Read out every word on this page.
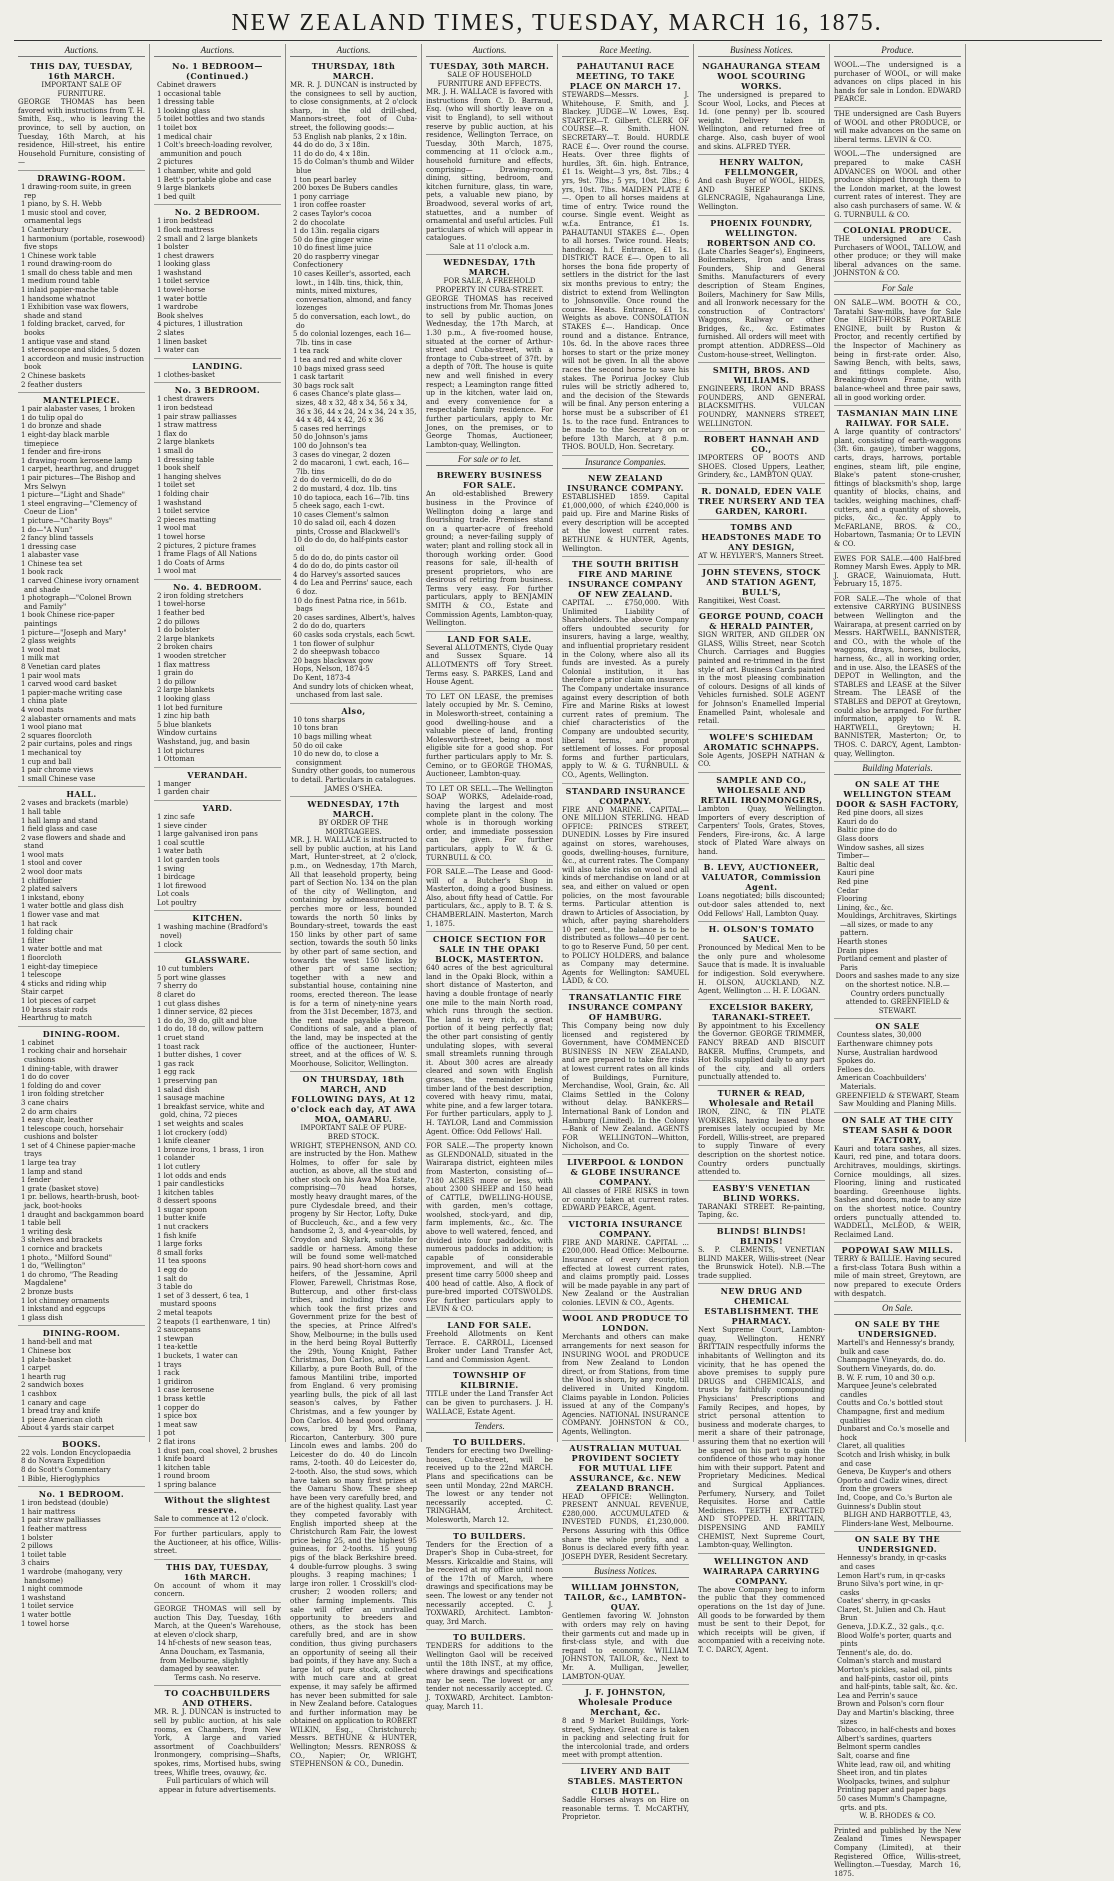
NEW ZEALAND TIMES, TUESDAY, MARCH 16, 1875.
Auctions.
THIS DAY, TUESDAY, 16th MARCH.
IMPORTANT SALE OF FURNITURE.
GEORGE THOMAS has been favored with instructions from T. H. Smith, Esq., who is leaving the province, to sell by auction, on Tuesday, 16th March, at his residence, Hill-street, his entire Household Furniture, consisting of—
DRAWING-ROOM.
1 drawing-room suite, in green rep
1 piano, by S. H. Webb
1 music stool and cover, ornamental legs
1 Canterbury
1 harmonium (portable, rosewood) five stops
1 Chinese work table
1 round drawing-room do
1 small do chess table and men
1 medium round table
1 inlaid papier-mache table
1 handsome whatnot
1 Exhibition vase wax flowers, shade and stand
1 folding bracket, carved, for books
1 antique vase and stand
1 stereoscope and slides, 5 dozen
1 accordeon and music instruction book
2 Chinese baskets
2 feather dusters
MANTELPIECE.
1 pair alabaster vases, 1 broken
1 do tulip opal do
1 do bronze and shade
1 eight-day black marble timepiece
1 fender and fire-irons
1 drawing-room kerosene lamp
1 carpet, hearthrug, and drugget
1 pair pictures—The Bishop and Mrs Selwyn
1 picture—"Light and Shade"
1 steel engraving—"Clemency of Coeur de Lion"
1 picture—"Charity Boys"
1 do—"A Nun"
2 fancy blind tassels
1 dressing case
1 alabaster vase
1 Chinese tea set
1 book rack
1 carved Chinese ivory ornament and shade
1 photograph—"Colonel Brown and Family"
1 book Chinese rice-paper paintings
1 picture—"Joseph and Mary"
2 glass weights
1 wool mat
1 milk mat
8 Venetian card plates
1 pair wool mats
1 carved wood card basket
1 papier-mache writing case
1 china plate
4 wool mats
2 alabaster ornaments and mats
1 wool piano mat
2 squares floorcloth
2 pair curtains, poles and rings
1 mechanical toy
1 cup and ball
1 pair chrome views
1 small Chinese vase
HALL.
2 vases and brackets (marble)
1 hall table
1 hall lamp and stand
1 field glass and case
2 vase flowers and shade and stand
1 wool mats
1 stool and cover
2 wool door mats
1 chiffonier
2 plated salvers
1 inkstand, ebony
1 water bottle and glass dish
1 flower vase and mat
1 hat rack
1 folding chair
1 filter
1 water bottle and mat
1 floorcloth
1 eight-day timepiece
1 telescope
4 sticks and riding whip
Stair carpet
1 lot pieces of carpet
10 brass stair rods
Hearthrug to match
DINING-ROOM.
1 cabinet
1 rocking chair and horsehair cushions
1 dining-table, with drawer
1 do do cover
1 folding do and cover
1 iron folding stretcher
3 cane chairs
2 do arm chairs
1 easy chair, leather
1 telescope couch, horsehair cushions and bolster
1 set of 4 Chinese papier-mache trays
1 large tea tray
1 lamp and stand
1 fender
1 grate (basket stove)
1 pr. bellows, hearth-brush, boot-jack, boot-hooks
1 draught and backgammon board
1 table bell
1 writing desk
3 shelves and brackets
1 cornice and brackets
1 photo., "Milford Sound"
1 do, "Wellington"
1 do chromo, "The Reading Magdalene"
2 bronze busts
1 lot chimney ornaments
1 inkstand and eggcups
1 glass dish
DINING-ROOM.
1 hand-bell and mat
1 Chinese box
1 plate-basket
1 carpet
1 hearth rug
2 sandwich boxes
1 cashbox
1 canary and cage
1 bread tray and knife
1 piece American cloth
About 4 yards stair carpet
BOOKS.
22 vols. London Encyclopaedia
8 do Novara Expedition
8 do Scott's Commentary
1 Bible, Hieroglyphics
No. 1 BEDROOM.
1 iron bedstead (double)
1 hair mattress
1 pair straw palliasses
1 feather mattress
1 bolster
2 pillows
1 toilet table
3 chairs
1 wardrobe (mahogany, very handsome)
1 night commode
1 washstand
1 toilet service
1 water bottle
1 towel horse
Auctions.
No. 1 BEDROOM—(Continued.)
Cabinet drawers
1 occasional table
1 dressing table
1 looking glass
5 toilet bottles and two stands
1 toilet box
1 medical chair
1 Colt's breech-loading revolver, ammunition and pouch
2 pictures
1 chamber, white and gold
1 Bett's portable globe and case
9 large blankets
1 bed quilt
No. 2 BEDROOM.
1 iron bedstead
1 flock mattress
2 small and 2 large blankets
1 bolster
1 chest drawers
1 looking glass
1 washstand
1 toilet service
1 towel-horse
1 water bottle
1 wardrobe
Book shelves
4 pictures, 1 illustration
2 slates
1 linen basket
1 water can
LANDING.
1 clothes-basket
No. 3 BEDROOM.
1 chest drawers
1 iron bedstead
1 pair straw palliasses
1 straw mattress
1 flax do
2 large blankets
1 small do
1 dressing table
1 book shelf
1 hanging shelves
1 toilet set
1 folding chair
1 washstand
1 toilet service
2 pieces matting
1 wool mat
1 towel horse
2 pictures, 2 picture frames
1 frame Flags of All Nations
1 do Coats of Arms
1 wool mat
No. 4. BEDROOM.
2 iron folding stretchers
1 towel-horse
1 feather bed
2 do pillows
1 do bolster
2 large blankets
2 broken chairs
1 wooden stretcher
1 flax mattress
1 grain do
1 do pillow
2 large blankets
1 looking glass
1 lot bed furniture
1 zinc hip bath
5 blue blankets
Window curtains
Washstand, jug, and basin
1 lot pictures
1 Ottoman
VERANDAH.
1 manger
1 garden chair
YARD.
1 zinc safe
1 sieve cinder
1 large galvanised iron pans
1 coal scuttle
1 water bath
1 lot garden tools
1 swing
1 birdcage
1 lot firewood
Lot coals
Lot poultry
KITCHEN.
1 washing machine (Bradford's novel)
1 clock
GLASSWARE.
10 cut tumblers
5 port wine glasses
7 sherry do
8 claret do
1 cut glass dishes
1 dinner service, 82 pieces
1 do do, 39 do, gilt and blue
1 do do, 18 do, willow pattern
1 cruet stand
1 toast rack
1 butter dishes, 1 cover
1 gas rack
1 egg rack
1 preserving pan
1 salad dish
1 sausage machine
1 breakfast service, white and gold, china, 72 pieces
1 set weights and scales
1 lot crockery (odd)
1 knife cleaner
1 bronze irons, 1 brass, 1 iron
1 colander
1 lot cutlery
1 lot odds and ends
1 pair candlesticks
1 kitchen tables
8 dessert spoons
1 sugar spoon
1 butter knife
1 nut crackers
1 fish knife
1 large forks
8 small forks
11 tea spoons
1 egg do
1 salt do
3 table do
1 set of 3 dessert, 6 tea, 1 mustard spoons
2 metal teapots
2 teapots (1 earthenware, 1 tin)
2 saucepans
1 stewpan
1 tea-kettle
1 buckets, 1 water can
1 trays
1 rack
1 gridiron
1 case kerosene
1 brass kettle
1 copper do
1 spice box
1 meat saw
1 pot
2 flat irons
1 dust pan, coal shovel, 2 brushes
1 knife board
1 kitchen table
1 round broom
1 spring balance
Without the slightest reserve.
Sale to commence at 12 o'clock.
For further particulars, apply to the Auctioneer, at his office, Willis-street.
THIS DAY, TUESDAY, 16th MARCH.
On account of whom it may concern.
GEORGE THOMAS will sell by auction This Day, Tuesday, 16th March, at the Queen's Warehouse, at eleven o'clock sharp,
14 hf-chests of new season teas, Anna Doucham, ex Tasmania, from Melbourne, slightly damaged by seawater.
Terms cash. No reserve.
TO COACHBUILDERS AND OTHERS.
MR. R. J. DUNCAN is instructed to sell by public auction, at his sale rooms, ex Chambers, from New York, A large and varied assortment of Coachbuilders' Ironmongery, comprising—Shafts, spokes, rims, Mortised hubs, swing trees, Whifle trees, ovauwy, &c.
Full particulars of which will appear in future advertisements.
Auctions.
THURSDAY, 18th MARCH.
MR. R. J. DUNCAN is instructed by the consignees to sell by auction, to close consignments, at 2 o'clock sharp, in the old drill-shed, Mannors-street, foot of Cuba-street, the following goods:—
53 English nab planks, 2 x 18in.
44 do do do, 3 x 18in.
11 do do do, 4 x 18in.
15 do Colman's thumb and Wilder blue
1 ton pearl barley
200 boxes De Bubers candles
1 pony carriage
1 iron coffee roaster
2 cases Taylor's cocoa
2 do chocolate
1 do 13in. regalia cigars
50 do fine ginger wine
10 do finest lime juice
20 do raspberry vinegar
Confectionery
10 cases Keiller's, assorted, each lowt., in 14lb. tins, thick, thin, mints, mixed mixtures, conversation, almond, and fancy lozenges
5 do conversation, each lowt., do do
5 do colonial lozenges, each 16—7lb. tins in case
1 tea rack
1 tea and red and white clover
10 bags mixed grass seed
1 cask tartarit
30 bags rock salt
6 cases Chance's plate glass—sizes, 48 x 32, 48 x 34, 56 x 34, 36 x 36, 44 x 24, 24 x 34, 24 x 35, 44 x 48, 44 x 42, 26 x 36
5 cases red herrings
50 do Johnson's jams
100 do Johnson's tea
3 cases do vinegar, 2 dozen
2 do macaroni, 1 cwt. each, 16—7lb. tins
2 do do vermicelli, do do do
2 do mustard, 4 doz. 1lb. tins
10 do tapioca, each 16—7lb. tins
5 cheek sago, each 1-cwt.
10 cases Clement's salmon
10 do salad oil, each 4 dozen pints, Crosse and Blackwell's
10 do do do, do half-pints castor oil
5 do do do, do pints castor oil
4 do do do, do pints castor oil
4 do Harvey's assorted sauces
4 do Lea and Perrins' sauce, each 6 doz.
10 do finest Patna rice, in 561b. bags
20 cases sardines, Albert's, halves
2 do do do, quarters
60 casks soda crystals, each 5cwt.
1 ton flower of sulphur
2 do sheepwash tobacco
20 bags blackwax gow
Hops, Nelson, 1874-5
Do Kent, 1873-4
And sundry lots of chicken wheat, unchased from last sale.
Also,
10 tons sharps
10 tons bran
10 bags milling wheat
50 do oil cake
10 do new do, to close a consignment
Sundry other goods, too numerous to detail. Particulars in catalogues. JAMES O'SHEA.
WEDNESDAY, 17th MARCH.
BY ORDER OF THE MORTGAGEES.
MR. J. H. WALLACE is instructed to sell by public auction, at his Land Mart, Hunter-street, at 2 o'clock, p.m., on Wednesday, 17th March, All that leasehold property, being part of Section No. 134 on the plan of the city of Wellington, and containing by admeasurement 12 perches more or less, bounded towards the north 50 links by Boundary-street, towards the east 150 links by other part of same section, towards the south 50 links by other part of same section, and towards the west 150 links by other part of same section; together with a new and substantial house, containing nine rooms, erected thereon. The lease is for a term of ninety-nine years from the 31st December, 1873, and the rent made payable thereon. Conditions of sale, and a plan of the land, may be inspected at the office of the auctioneer, Hunter-street, and at the offices of W. S. Moorhouse, Solicitor, Wellington.
ON THURSDAY, 18th MARCH, AND FOLLOWING DAYS, At 12 o'clock each day, AT AWA MOA, OAMARU.
IMPORTANT SALE OF PURE-BRED STOCK.
WRIGHT, STEPHENSON, AND CO. are instructed by the Hon. Mathew Holmes, to offer for sale by auction, as above, all the stud and other stock on his Awa Moa Estate, comprising—70 head horses, mostly heavy draught mares, of the pure Clydesdale breed, and their progeny by Sir Hector, Lofty, Duke of Buccleuch, &c., and a few very handsome 2, 3, and 4-year-olds, by Croydon and Skylark, suitable for saddle or harness. Among these will be found some well-matched pairs. 90 head short-horn cows and heifers, of the Jessamine, April Flower, Farewell, Christmas Rose, Buttercup, and other first-class tribes, and including the cows which took the first prizes and Government prize for the best of the species, at Prince Alfred's Show, Melbourne; in the bulls used in the herd being Royal Butterfly the 29th, Young Knight, Father Christmas, Don Carlos, and Prince Killarby, a pure Booth Bull, of the famous Mantilini tribe, imported from England. 6 very promising yearling bulls, the pick of all last season's calves, by Father Christmas, and a few younger by Don Carlos. 40 head good ordinary cows, bred by Mrs. Pama, Riccarton, Canterbury. 300 pure Lincoln ewes and lambs. 200 do Leicester do do. 40 do Lincoln rams, 2-tooth. 40 do Leicester do, 2-tooth. Also, the stud sows, which have taken so many first prizes at the Oamaru Show. These sheep have been very carefully bred, and are of the highest quality. Last year they competed favorably with English imported sheep at the Christchurch Ram Fair, the lowest price being 25, and the highest 95 guineas, for 2-tooths. 15 young pigs of the black Berkshire breed. 4 double-furrow ploughs. 3 swing ploughs. 3 reaping machines; 1 large iron roller. 1 Crosskill's clod-crusher; 2 wooden rollers; and other farming implements. This sale will offer an unrivalled opportunity to breeders and others, as the stock has been carefully bred, and are in show condition, thus giving purchasers an opportunity of seeing all their bad points, if they have any. Such a large lot of pure stock, collected with much care and at great expense, it may safely be affirmed has never been submitted for sale in New Zealand before. Catalogues and further information may be obtained on application to ROBERT WILKIN, Esq., Christchurch; Messrs. BETHUNE & HUNTER, Wellington; Messrs. RENROSS & CO., Napier; Or, WRIGHT, STEPHENSON & CO., Dunedin.
Auctions.
TUESDAY, 30th MARCH.
SALE OF HOUSEHOLD FURNITURE AND EFFECTS.
MR. J. H. WALLACE is favored with instructions from C. D. Barraud, Esq. (who will shortly leave on a visit to England), to sell without reserve by public auction, at his residence, Wellington Terrace, on Tuesday, 30th March, 1875, commencing at 11 o'clock a.m., household furniture and effects, comprising— Drawing-room, dining, sitting, bedroom, and kitchen furniture, glass, tin ware, pets, a valuable new piano, by Broadwood, several works of art, statuettes, and a number of ornamental and useful articles. Full particulars of which will appear in catalogues.
Sale at 11 o'clock a.m.
WEDNESDAY, 17th MARCH.
FOR SALE, A FREEHOLD PROPERTY IN CUBA-STREET.
GEORGE THOMAS has received instructions from Mr. Thomas Jones to sell by public auction, on Wednesday, the 17th March, at 1.30 p.m., A five-roomed house, situated at the corner of Arthur-street and Cuba-street, with a frontage to Cuba-street of 37ft. by a depth of 70ft. The house is quite new and well finished in every respect; a Leamington range fitted up in the kitchen, water laid on, and every convenience for a respectable family residence. For further particulars, apply to Mr. Jones, on the premises, or to George Thomas, Auctioneer, Lambton-quay, Wellington.
For sale or to let.
BREWERY BUSINESS FOR SALE.
An old-established Brewery business in the Province of Wellington doing a large and flourishing trade. Premises stand on a quarter-acre of freehold ground; a never-failing supply of water; plant and rolling stock all in thorough working order. Good reasons for sale, ill-health of present proprietors, who are desirous of retiring from business. Terms very easy. For further particulars, apply to BENJAMIN SMITH & CO., Estate and Commission Agents, Lambton-quay, Wellington.
LAND FOR SALE.
Several ALLOTMENTS, Clyde Quay and Sussex Square. 14 ALLOTMENTS off Tory Street. Terms easy. S. PARKES, Land and House Agent.
TO LET ON LEASE, the premises lately occupied by Mr. S. Cemino, in Molesworth-street, containing a good dwelling-house and a valuable piece of land, fronting Molesworth-street, being a most eligible site for a good shop. For further particulars apply to Mr. S. Cemino, or to GEORGE THOMAS, Auctioneer, Lambton-quay.
TO LET OR SELL.—The Wellington SOAP WORKS, Adelaide-road, having the largest and most complete plant in the colony. The whole is in thorough working order, and immediate possession can be given. For further particulars, apply to W. & G. TURNBULL & CO.
FOR SALE.—The Lease and Good-will of a Butcher's Shop in Masterton, doing a good business. Also, about fifty head of Cattle. For particulars, &c., apply to B. T. & S. CHAMBERLAIN. Masterton, March 1, 1875.
CHOICE SECTION FOR SALE IN THE OPAKI BLOCK, MASTERTON.
640 acres of the best agricultural land in the Opaki Block, within a short distance of Masterton, and having a double frontage of nearly one mile to the main North road, which runs through the section. The land is very rich, a great portion of it being perfectly flat; the other part consisting of gently undulating slopes, with several small streamlets running through it. About 300 acres are already cleared and sown with English grasses, the remainder being timber land of the best description, covered with heavy rimu, matai, white pine, and a few larger totara. For further particulars, apply to J. H. TAYLOR, Land and Commission Agent. Office: Odd Fellows' Hall.
FOR SALE.—The property known as GLENDONALD, situated in the Wairarapa district, eighteen miles from Masterton, consisting of—7180 ACRES more or less, with about 2300 SHEEP and 150 head of CATTLE, DWELLING-HOUSE, with garden, men's cottage, woolshed, stock-yard, and dip, farm implements, &c., &c. The above to well watered, fenced, and divided into four paddocks, with numerous paddocks in addition; is capable of considerable improvement, and will at the present time carry 5000 sheep and 400 head of cattle. Also, A flock of pure-bred imported COTSWOLDS. For further particulars apply to LEVIN & CO.
LAND FOR SALE.
Freehold Allotments on Kent Terrace. E. CARROLL, Licensed Broker under Land Transfer Act, Land and Commission Agent.
TOWNSHIP OF KILBIRNIE.
TITLE under the Land Transfer Act can be given to purchasers. J. H. WALLACE, Estate Agent.
Tenders.
TO BUILDERS.
Tenders for erecting two Dwelling-houses, Cuba-street, will be received up to the 22nd MARCH. Plans and specifications can be seen until Monday, 22nd MARCH. The lowest or any tender not necessarily accepted. C. TRINGHAM, Architect. Molesworth, March 12.
TO BUILDERS.
Tenders for the Erection of a Draper's Shop in Cuba-street, for Messrs. Kirkcaldie and Stains, will be received at my office until noon of the 17th of March, where drawings and specifications may be seen. The lowest or any tender not necessarily accepted. C. J. TOXWARD, Architect. Lambton-quay, 3rd March.
TO BUILDERS.
TENDERS for additions to the Wellington Gaol will be received until the 18th INST., at my office, where drawings and specifications may be seen. The lowest or any tender not necessarily accepted. C. J. TOXWARD, Architect. Lambton-quay, March 11.
Race Meeting.
PAHAUTANUI RACE MEETING, TO TAKE PLACE ON MARCH 17.
STEWARDS—Messrs. J. Whitehouse, F. Smith, and J. Blackey. JUDGE—W. Lowes, Esq. STARTER—T. Gilbert. CLERK OF COURSE—R. Smith. HON. SECRETARY—T. Bould. HURDLE RACE £—. Over round the course. Heats. Over three flights of hurdles, 3ft. 6in. high. Entrance, £1 1s. Weight—3 yrs, 8st. 7lbs.; 4 yrs, 9st. 7lbs.; 5 yrs, 10st. 2lbs.; 6 yrs, 10st. 7lbs. MAIDEN PLATE £—. Open to all horses maidens at time of entry. Twice round the course. Single event. Weight as w.f.a. Entrance, £1 1s. PAHAUTANUI STAKES £—. Open to all horses. Twice round. Heats; handicap. h.f. Entrance, £1 1s. DISTRICT RACE £—. Open to all horses the bona fide property of settlers in the district for the last six months previous to entry; the district to extend from Wellington to Johnsonville. Once round the course. Heats. Entrance, £1 1s. Weights as above. CONSOLATION STAKES £—. Handicap. Once round and a distance. Entrance, 10s. 6d. In the above races three horses to start or the prize money will not be given. In all the above races the second horse to save his stakes. The Porirua Jockey Club rules will be strictly adhered to, and the decision of the Stewards will be final. Any person entering a horse must be a subscriber of £1 1s. to the race fund. Entrances to be made to the Secretary on or before 13th March, at 8 p.m. THOS. BOULD, Hon. Secretary.
Insurance Companies.
NEW ZEALAND INSURANCE COMPANY.
ESTABLISHED 1859. Capital £1,000,000, of which £240,000 is paid up. Fire and Marine Risks of every description will be accepted at the lowest current rates. BETHUNE & HUNTER, Agents, Wellington.
THE SOUTH BRITISH FIRE AND MARINE INSURANCE COMPANY OF NEW ZEALAND.
CAPITAL ... £750,000. With Unlimited Liability of Shareholders. The above Company offers undoubted security for insurers, having a large, wealthy, and influential proprietary resident in the Colony, where also all its funds are invested. As a purely Colonial institution, it has therefore a prior claim on insurers. The Company undertake insurance against every description of both Fire and Marine Risks at lowest current rates of premium. The chief characteristics of the Company are undoubted security, liberal terms, and prompt settlement of losses. For proposal forms and further particulars, apply to W. & G. TURNBULL & CO., Agents, Wellington.
STANDARD INSURANCE COMPANY.
FIRE AND MARINE. CAPITAL—ONE MILLION STERLING. HEAD OFFICE: PRINCES STREET, DUNEDIN. Losses by Fire insured against on stores, warehouses, goods, dwelling-houses, furniture, &c., at current rates. The Company will also take risks on wool and all kinds of merchandise on land or at sea, and either on valued or open policies, on the most favourable terms. Particular attention is drawn to Articles of Association, by which, after paying shareholders 10 per cent., the balance is to be distributed as follows—40 per cent. to go to Reserve Fund, 50 per cent. to POLICY HOLDERS, and balance as Company may determine. Agents for Wellington: SAMUEL LADD, & CO.
TRANSATLANTIC FIRE INSURANCE COMPANY OF HAMBURG.
This Company being now duly licensed and registered by Government, have COMMENCED BUSINESS IN NEW ZEALAND, and are prepared to take fire risks at lowest current rates on all kinds of Buildings, Furniture, Merchandise, Wool, Grain, &c. All Claims Settled in the Colony without delay. BANKERS—International Bank of London and Hamburg (Limited). In the Colony—Bank of New Zealand. AGENTS FOR WELLINGTON—Whitton, Nicholson, and Co.
LIVERPOOL & LONDON & GLOBE INSURANCE COMPANY.
All classes of FIRE RISKS in town or country taken at current rates. EDWARD PEARCE, Agent.
VICTORIA INSURANCE COMPANY.
FIRE AND MARINE. CAPITAL ... £200,000. Head Office: Melbourne. Insurance of every description effected at lowest current rates, and claims promptly paid. Losses will be made payable in any part of New Zealand or the Australian colonies. LEVIN & CO., Agents.
WOOL AND PRODUCE TO LONDON.
Merchants and others can make arrangements for next season for INSURING WOOL and PRODUCE from New Zealand to London direct, or from Stations, from time the Wool is shorn, by any route, till delivered in United Kingdom. Claims payable in London. Policies issued at any of the Company's Agencies. NATIONAL INSURANCE COMPANY. JOHNSTON & CO., Agents, Wellington.
AUSTRALIAN MUTUAL PROVIDENT SOCIETY FOR MUTUAL LIFE ASSURANCE, &c. NEW ZEALAND BRANCH.
HEAD OFFICE: Wellington. PRESENT ANNUAL REVENUE, £280,000. ACCUMULATED & INVESTED FUNDS, £1,230,000. Persons Assuring with this Office share the whole profits, and a Bonus is declared every fifth year. JOSEPH DYER, Resident Secretary.
Business Notices.
WILLIAM JOHNSTON, TAILOR, &c., LAMBTON-QUAY.
Gentlemen favoring W. Johnston with orders may rely on having their garments cut and made up in first-class style, and with due regard to economy. WILLIAM JOHNSTON, TAILOR, &c., Next to Mr. A. Mulligan, Jeweller, LAMBTON-QUAY.
J. F. JOHNSTON, Wholesale Produce Merchant, &c.
8 and 9 Market Buildings, York-street, Sydney. Great care is taken in packing and selecting fruit for the intercolonial trade, and orders meet with prompt attention.
LIVERY AND BAIT STABLES. MASTERTON CLUB HOTEL.
Saddle Horses always on Hire on reasonable terms. T. McCARTHY, Proprietor.
Business Notices.
NGAHAURANGA STEAM WOOL SCOURING WORKS.
The undersigned is prepared to Scour Wool, Locks, and Pieces at 1d. (one penny) per lb. scoured weight. Delivery taken in Wellington, and returned free of charge. Also, cash buyer of wool and skins. ALFRED TYER.
HENRY WALTON, FELLMONGER,
And cash Buyer of WOOL, HIDES, AND SHEEP SKINS. GLENCRAGIE, Ngahauranga Line, Wellington.
PHOENIX FOUNDRY, WELLINGTON. ROBERTSON AND CO.
(Late Charles Seager's), Engineers, Boilermakers, Iron and Brass Founders, Ship and General Smiths. Manufacturers of every description of Steam Engines, Boilers, Machinery for Saw Mills, and all Ironwork necessary for the construction of Contractors' Waggons, Railway or other Bridges, &c., &c. Estimates furnished. All orders will meet with prompt attention. ADDRESS—Old Custom-house-street, Wellington.
SMITH, BROS. AND WILLIAMS.
ENGINEERS, IRON AND BRASS FOUNDERS, AND GENERAL BLACKSMITHS. VULCAN FOUNDRY, MANNERS STREET, WELLINGTON.
ROBERT HANNAH AND CO.,
IMPORTERS OF BOOTS AND SHOES. Closed Uppers, Leather, Grindery, &c., LAMBTON QUAY.
R. DONALD, EDEN VALE TREE NURSERY AND TEA GARDEN, KARORI.
TOMBS AND HEADSTONES MADE TO ANY DESIGN,
AT W. HEYLYER'S, Manners Street.
JOHN STEVENS, STOCK AND STATION AGENT, BULL'S,
Rangitikei, West Coast.
GEORGE POUND, COACH & HERALD PAINTER,
SIGN WRITER, AND GILDER ON GLASS, Willis Street, near Scotch Church. Carriages and Buggies painted and re-trimmed in the first style of art. Business Cards painted in the most pleasing combination of colours. Designs of all kinds of Vehicles furnished. SOLE AGENT for Johnson's Enamelled Imperial Enamelled Paint, wholesale and retail.
WOLFE'S SCHIEDAM AROMATIC SCHNAPPS.
Sole Agents, JOSEPH NATHAN & CO.
SAMPLE AND CO., WHOLESALE AND RETAIL IRONMONGERS,
Lambton Quay, Wellington. Importers of every description of Carpenters' Tools, Grates, Stoves, Fenders, Fire-irons, &c. A large stock of Plated Ware always on hand.
B. LEVY, AUCTIONEER, VALUATOR, Commission Agent.
Loans negotiated; bills discounted; out-door sales attended to, next Odd Fellows' Hall, Lambton Quay.
H. OLSON'S TOMATO SAUCE.
Pronounced by Medical Men to be the only pure and wholesome Sauce that is made. It is invaluable for indigestion. Sold everywhere. H. OLSON, AUCKLAND, N.Z. Agent, Wellington ... H. F. LOGAN.
EXCELSIOR BAKERY, TARANAKI-STREET.
By appointment to his Excellency the Governor. GEORGE TRIMMER, FANCY BREAD AND BISCUIT BAKER. Muffins, Crumpets, and Hot Rolls supplied daily to any part of the city, and all orders punctually attended to.
TURNER & READ, Wholesale and Retail
IRON, ZINC, & TIN PLATE WORKERS, having leased those premises lately occupied by Mr. Fordell, Willis-street, are prepared to supply Tinware of every description on the shortest notice. Country orders punctually attended to.
EASBY'S VENETIAN BLIND WORKS.
TARANAKI STREET. Re-painting, Taping, &c.
BLINDS! BLINDS! BLINDS!
S. P. CLEMENTS, VENETIAN BLIND MAKER, Willis-street (Near the Brunswick Hotel). N.B.—The trade supplied.
NEW DRUG AND CHEMICAL ESTABLISHMENT. THE PHARMACY.
Next Supreme Court, Lambton-quay, Wellington. HENRY BRITTAIN respectfully informs the inhabitants of Wellington and its vicinity, that he has opened the above premises to supply pure DRUGS and CHEMICALS, and trusts by faithfully compounding Physicians' Prescriptions and Family Recipes, and hopes, by strict personal attention to business and moderate charges, to merit a share of their patronage, assuring them that no exertion will be spared on his part to gain the confidence of those who may honor him with their support. Patent and Proprietary Medicines. Medical and Surgical Appliances. Perfumery, Nursery, and Toilet Requisites. Horse and Cattle Medicines. TEETH EXTRACTED AND STOPPED. H. BRITTAIN, DISPENSING AND FAMILY CHEMIST, Next Supreme Court, Lambton-quay, Wellington.
WELLINGTON AND WAIRARAPA CARRYING COMPANY.
The above Company beg to inform the public that they commenced operations on the 1st day of June. All goods to be forwarded by them must be sent to their Depot, for which receipts will be given, if accompanied with a receiving note. T. C. DARCY, Agent.
Produce.
WOOL.—The undersigned is a purchaser of WOOL, or will make advances on clips placed in his hands for sale in London. EDWARD PEARCE.
THE undersigned are Cash Buyers of WOOL and other PRODUCE, or will make advances on the same on liberal terms. LEVIN & CO.
WOOL.—The undersigned are prepared to make CASH ADVANCES on WOOL and other produce shipped through them to the London market, at the lowest current rates of interest. They are also cash purchasers of same. W. & G. TURNBULL & CO.
COLONIAL PRODUCE.
THE undersigned are Cash Purchasers of WOOL, TALLOW, and other produce; or they will make liberal advances on the same. JOHNSTON & CO.
For Sale
ON SALE—WM. BOOTH & CO., Taratahi Saw-mills, have for Sale One EIGHT-HORSE PORTABLE ENGINE, built by Ruston & Proctor, and recently certified by the Inspector of Machinery as being in first-rate order. Also, Sawing Bench, with belts, saws, and fittings complete. Also, Breaking-down Frame, with balance-wheel and three pair saws, all in good working order.
TASMANIAN MAIN LINE RAILWAY. FOR SALE.
A large quantity of contractors' plant, consisting of earth-waggons (3ft. 6in. gauge), timber waggons, carts, drays, harrows, portable engines, steam lift, pile engine, Blake's patent stone-crusher, fittings of blacksmith's shop, large quantity of blocks, chains, and tackles, weighing machines, chaff-cutters, and a quantity of shovels, picks, &c., &c. Apply to McFARLANE, BROS. & CO., Hobartown, Tasmania; Or to LEVIN & CO.
EWES FOR SALE.—400 Half-bred Romney Marsh Ewes. Apply to MR. J. GRACE, Wainuiomata, Hutt. February 15, 1875.
FOR SALE.—The whole of that extensive CARRYING BUSINESS between Wellington and the Wairarapa, at present carried on by Messrs. HARTWELL, BANNISTER, and CO., with the whole of the waggons, drays, horses, bullocks, harness, &c., all in working order, and in use. Also, the LEASES of the DEPOT in Wellington, and the STABLES and LEASE at the Silver Stream. The LEASE of the STABLES and DEPOT at Greytown, could also be arranged. For further information, apply to W. R. HARTWELL, Greytown; H. BANNISTER, Masterton; Or, to THOS. C. DARCY, Agent, Lambton-quay, Wellington.
Building Materials.
ON SALE AT THE WELLINGTON STEAM DOOR & SASH FACTORY,
Red pine doors, all sizes
Kauri do do
Baltic pine do do
Glass doors
Window sashes, all sizes
Timber—
Baltic deal
Kauri pine
Red pine
Cedar
Flooring
Lining, &c., &c.
Mouldings, Architraves, Skirtings—all sizes, or made to any pattern.
Hearth stones
Drain pipes
Portland cement and plaster of Paris
Doors and sashes made to any size on the shortest notice. N.B.—Country orders punctually attended to. GREENFIELD & STEWART.
ON SALE
Countess slates, 30,000
Earthenware chimney pots
Nurse, Australian hardwood
Spokes do.
Felloes do.
American Coachbuilders' Materials.
GREENFIELD & STEWART, Steam Saw Moulding and Planing Mills.
ON SALE AT THE CITY STEAM SASH & DOOR FACTORY,
Kauri and totara sashes, all sizes. Kauri, red pine, and totara doors. Architraves, mouldings, skirtings. Cornice mouldings, all sizes. Flooring, lining and rusticated boarding. Greenhouse lights. Sashes and doors, made to any size on the shortest notice. Country orders punctually attended to. WADDELL, McLEOD, & WEIR, Reclaimed Land.
POPOWAI SAW MILLS.
TERRY & BAILLIE. Having secured a first-class Totara Bush within a mile of main street, Greytown, are now prepared to execute Orders with despatch.
On Sale.
ON SALE BY THE UNDERSIGNED.
Martell's and Hennessy's brandy, bulk and case
Champagne Vineyards, do. do.
Southern Vineyards, do. do.
B. W. F. rum, 10 and 30 o.p.
Marquee Jeune's celebrated candles
Coutts and Co.'s bottled stout
Champagne, first and medium qualities
Dunbarst and Co.'s moselle and hock
Claret, all qualities
Scotch and Irish whisky, in bulk and case
Geneva, De Kuyper's and others
Oporto and Cadiz wines, direct from the growers
Ind, Coope, and Co.'s Burton ale
Guinness's Dublin stout
BLIGH AND HARBOTTLE, 43, Flinders-lane West, Melbourne.
ON SALE BY THE UNDERSIGNED.
Hennessy's brandy, in qr-casks and cases
Lemon Hart's rum, in qr-casks
Bruno Silva's port wine, in qr-casks
Coates' sherry, in qr-casks
Claret, St. Julien and Ch. Haut Brun
Geneva, J.D.K.Z., 32 gals., q.c.
Blood Wolfe's porter, quarts and pints
Tennent's ale, do. do.
Colman's starch and mustard
Morton's pickles, salad oil, pints and half-pints, castor oil, pints and half-pints, table salt, &c. &c.
Lea and Perrin's sauce
Brown and Polson's corn flour
Day and Martin's blacking, three sizes
Tobacco, in half-chests and boxes
Albert's sardines, quarters
Belmont sperm candles
Salt, coarse and fine
White lead, raw oil, and whiting
Sheet iron, and tin plates
Woolpacks, twines, and sulphur
Printing paper and paper bags
50 cases Mumm's Champagne, qrts. and pts.
W. B. RHODES & CO.
Printed and published by the New Zealand Times Newspaper Company (Limited), at their Registered Office, Willis-street, Wellington.—Tuesday, March 16, 1875.
